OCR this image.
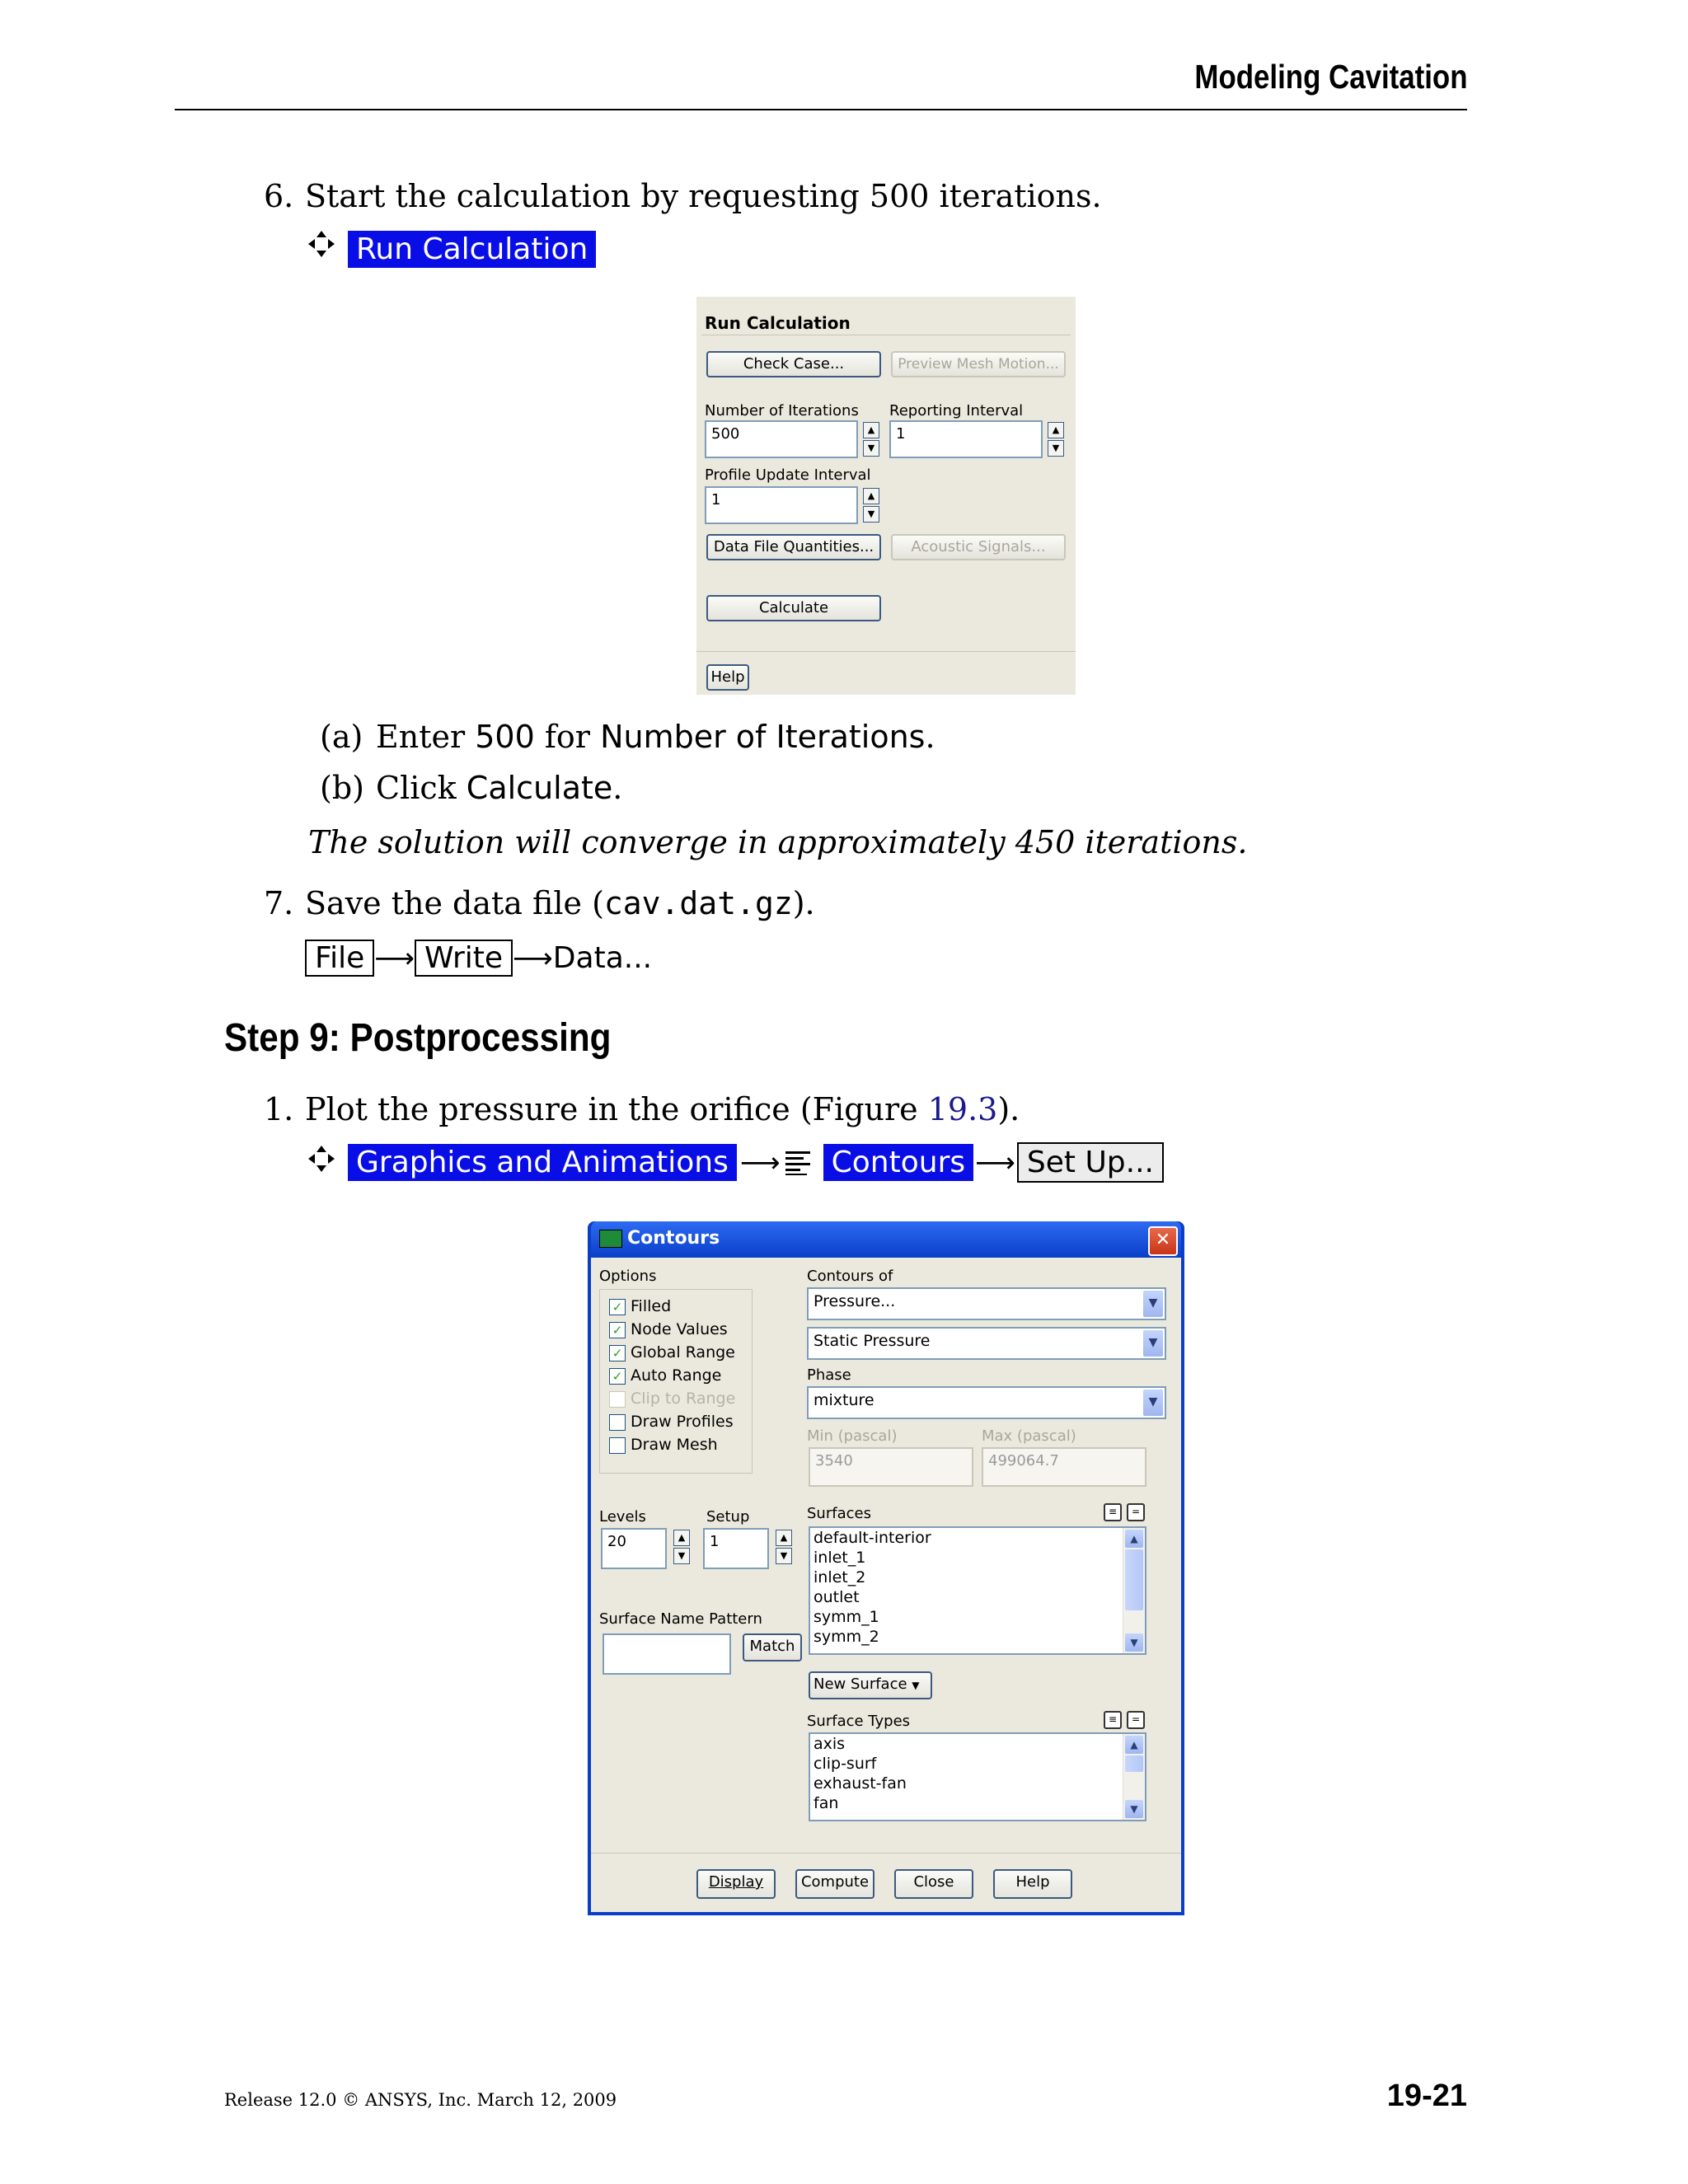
Modeling Cavitation
6. Start the calculation by requesting 500 iterations.
Run Calculation
Run Calculation
Check Case...	Preview Mesh Motion...
Number of Iterations
500	▲
▼
Reporting Interval
1	▲
▼
Profile Update Interval
1	▲
▼
Data File Quantities...	Acoustic Signals...
Calculate
Help
(a) Enter 500 for Number of Iterations.
(b) Click Calculate.
The solution will converge in approximately 450 iterations.
7. Save the data file (cav.dat.gz).
File ⟶ Write ⟶ Data...
Step 9: Postprocessing
1. Plot the pressure in the orifice (Figure 19.3).
Graphics and Animations ⟶ Contours ⟶ Set Up...
Contours	✕
Options
✓ Filled
✓ Node Values
✓ Global Range
✓ Auto Range
Clip to Range
Draw Profiles
Draw Mesh
Contours of
Pressure...	▼
Static Pressure	▼
Phase
mixture	▼
Min (pascal)
3540
Max (pascal)
499064.7
Levels
20	▲
▼
Setup
1	▲
▼
Surfaces	≡	=
default-interior
inlet_1
inlet_2
outlet
symm_1
symm_2
▲
▼
Surface Name Pattern
Match
New Surface ▼
Surface Types	≡	=
axis
clip-surf
exhaust-fan
fan
▲
▼
Display	Compute	Close	Help
Release 12.0 © ANSYS, Inc. March 12, 2009	19-21
